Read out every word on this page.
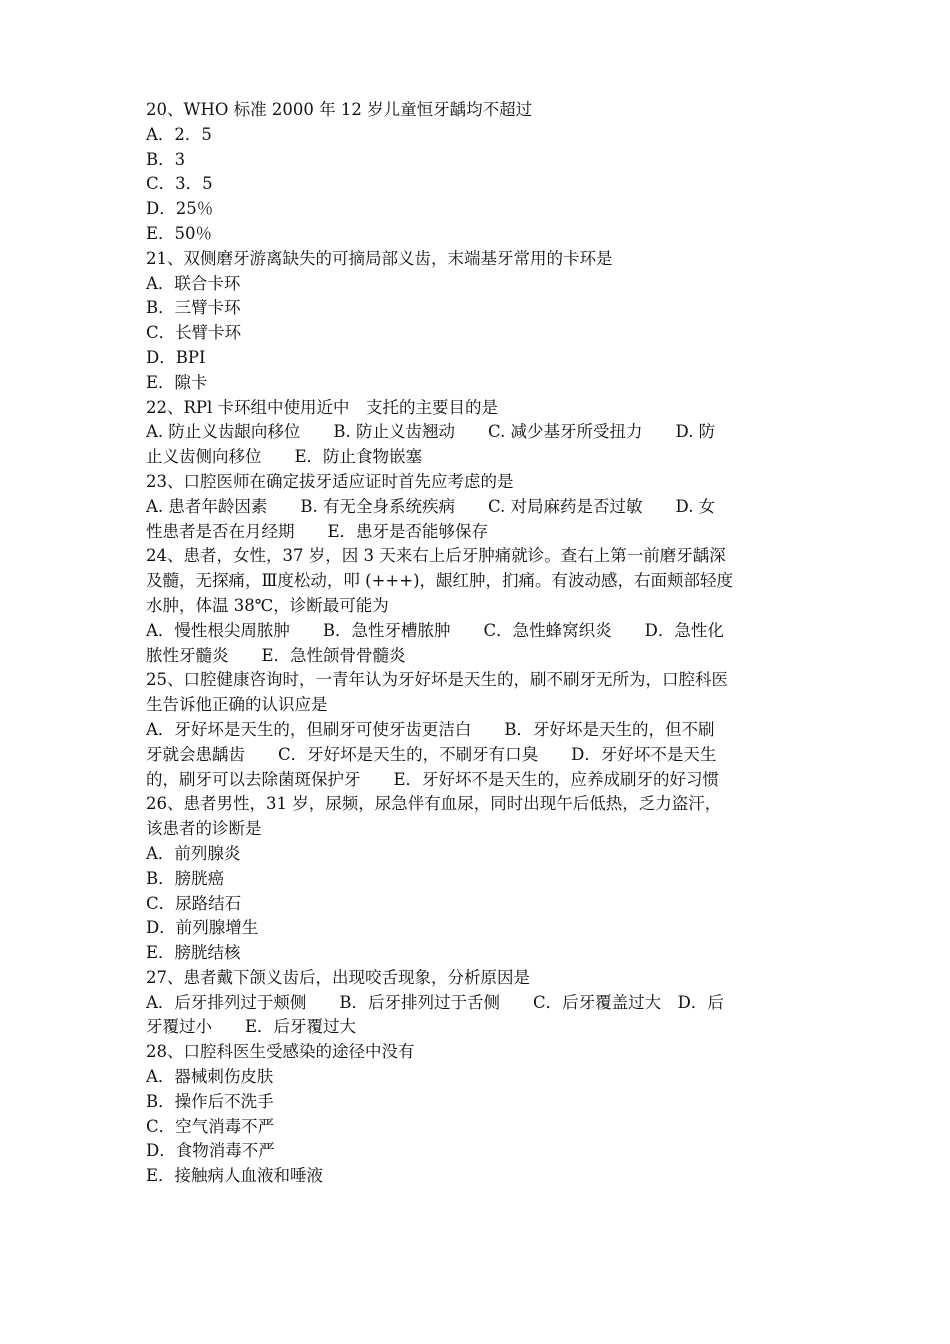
20、WHO 标准 2000 年 12 岁儿童恒牙龋均不超过
A．2．5
B．3
C．3．5
D．25％
E．50％
21、双侧磨牙游离缺失的可摘局部义齿，末端基牙常用的卡环是
A．联合卡环
B．三臂卡环
C．长臂卡环
D．BPI
E．隙卡
22、RPl 卡环组中使用近中　支托的主要目的是
A. 防止义齿龈向移位　　B. 防止义齿翘动　　C. 减少基牙所受扭力　　D. 防
止义齿侧向移位　　E．防止食物嵌塞
23、口腔医师在确定拔牙适应证时首先应考虑的是
A. 患者年龄因素　　B. 有无全身系统疾病　　C. 对局麻药是否过敏　　D. 女
性患者是否在月经期　　E．患牙是否能够保存
24、患者，女性，37 岁，因 3 天来右上后牙肿痛就诊。查右上第一前磨牙龋深
及髓，无探痛，Ⅲ度松动，叩 (+++)，龈红肿，扪痛。有波动感，右面颊部轻度
水肿，体温 38℃，诊断最可能为
A．慢性根尖周脓肿　　B．急性牙槽脓肿　　C．急性蜂窝织炎　　D．急性化
脓性牙髓炎　　E．急性颌骨骨髓炎
25、口腔健康咨询时，一青年认为牙好坏是天生的，刷不刷牙无所为，口腔科医
生告诉他正确的认识应是
A．牙好坏是天生的，但刷牙可使牙齿更洁白　　B．牙好坏是天生的，但不刷
牙就会患龋齿　　C．牙好坏是天生的，不刷牙有口臭　　D．牙好坏不是天生
的，刷牙可以去除菌斑保护牙　　E．牙好坏不是天生的，应养成刷牙的好习惯
26、患者男性，31 岁，尿频，尿急伴有血尿，同时出现午后低热，乏力盗汗，
该患者的诊断是
A．前列腺炎
B．膀胱癌
C．尿路结石
D．前列腺增生
E．膀胱结核
27、患者戴下颌义齿后，出现咬舌现象，分析原因是
A．后牙排列过于颊侧　　B．后牙排列过于舌侧　　C．后牙覆盖过大　D．后
牙覆过小　　E．后牙覆过大
28、口腔科医生受感染的途径中没有
A．器械刺伤皮肤
B．操作后不洗手
C．空气消毒不严
D．食物消毒不严
E．接触病人血液和唾液
